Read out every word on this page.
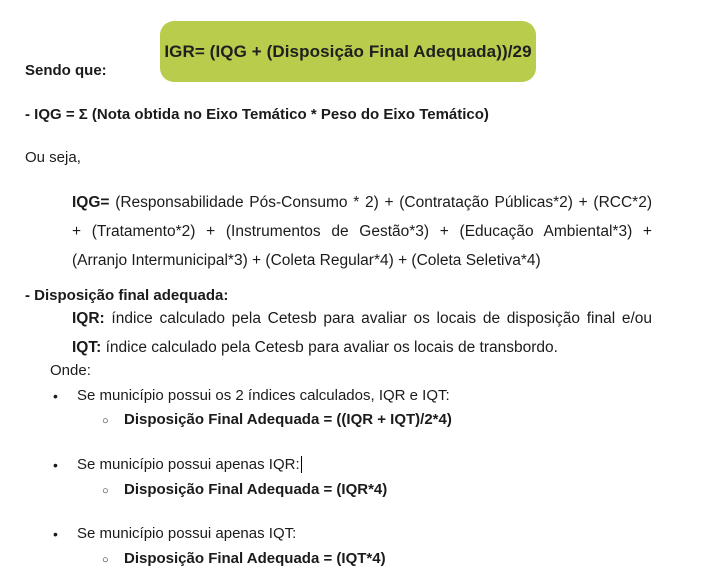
IGR= (IQG + (Disposição Final Adequada))/29
Sendo que:
- IQG = Σ (Nota obtida no Eixo Temático * Peso do Eixo Temático)
Ou seja,
IQG= (Responsabilidade Pós-Consumo * 2) + (Contratação Públicas*2) + (RCC*2) + (Tratamento*2) + (Instrumentos de Gestão*3) + (Educação Ambiental*3) + (Arranjo Intermunicipal*3) + (Coleta Regular*4) + (Coleta Seletiva*4)
- Disposição final adequada:
IQR: índice calculado pela Cetesb para avaliar os locais de disposição final e/ou IQT: índice calculado pela Cetesb para avaliar os locais de transbordo.
Onde:
• Se município possui os 2 índices calculados, IQR e IQT:
○ Disposição Final Adequada = ((IQR + IQT)/2*4)
• Se município possui apenas IQR:
○ Disposição Final Adequada = (IQR*4)
• Se município possui apenas IQT:
○ Disposição Final Adequada = (IQT*4)
